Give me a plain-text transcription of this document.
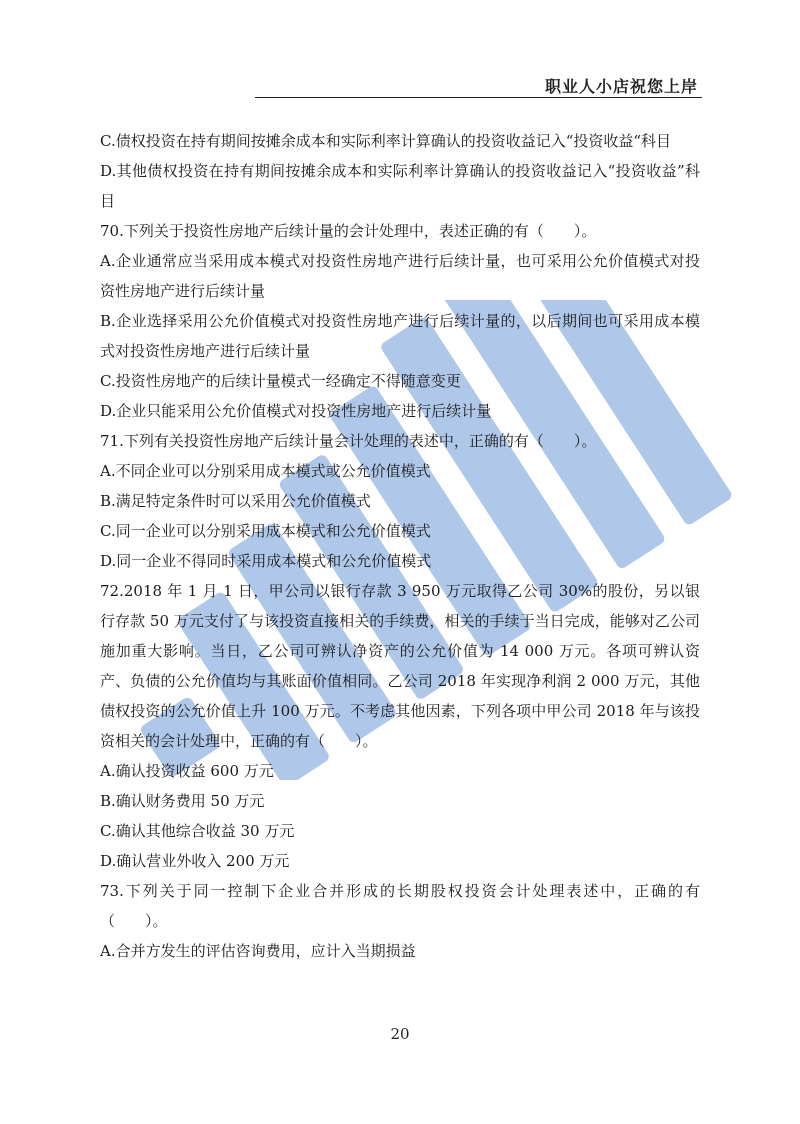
职业人小店祝您上岸

C.债权投资在持有期间按摊余成本和实际利率计算确认的投资收益记入“投资收益“科目

D.其他债权投资在持有期间按摊余成本和实际利率计算确认的投资收益记入“投资收益”科目

70.下列关于投资性房地产后续计量的会计处理中，表述正确的有（　　）。

A.企业通常应当采用成本模式对投资性房地产进行后续计量，也可采用公允价值模式对投资性房地产进行后续计量

B.企业选择采用公允价值模式对投资性房地产进行后续计量的，以后期间也可采用成本模式对投资性房地产进行后续计量

C.投资性房地产的后续计量模式一经确定不得随意变更

D.企业只能采用公允价值模式对投资性房地产进行后续计量

71.下列有关投资性房地产后续计量会计处理的表述中，正确的有（　　）。

A.不同企业可以分别采用成本模式或公允价值模式

B.满足特定条件时可以采用公允价值模式

C.同一企业可以分别采用成本模式和公允价值模式

D.同一企业不得同时采用成本模式和公允价值模式

72.2018 年 1 月 1 日，甲公司以银行存款 3 950 万元取得乙公司 30%的股份，另以银行存款 50 万元支付了与该投资直接相关的手续费，相关的手续于当日完成，能够对乙公司施加重大影响。当日，乙公司可辨认净资产的公允价值为 14 000 万元。各项可辨认资产、负债的公允价值均与其账面价值相同。乙公司 2018 年实现净利润 2 000 万元，其他债权投资的公允价值上升 100 万元。不考虑其他因素，下列各项中甲公司 2018 年与该投资相关的会计处理中，正确的有（　　）。

A.确认投资收益 600 万元

B.确认财务费用 50 万元

C.确认其他综合收益 30 万元

D.确认营业外收入 200 万元

73.下列关于同一控制下企业合并形成的长期股权投资会计处理表述中，正确的有（　　）。

A.合并方发生的评估咨询费用，应计入当期损益

20
